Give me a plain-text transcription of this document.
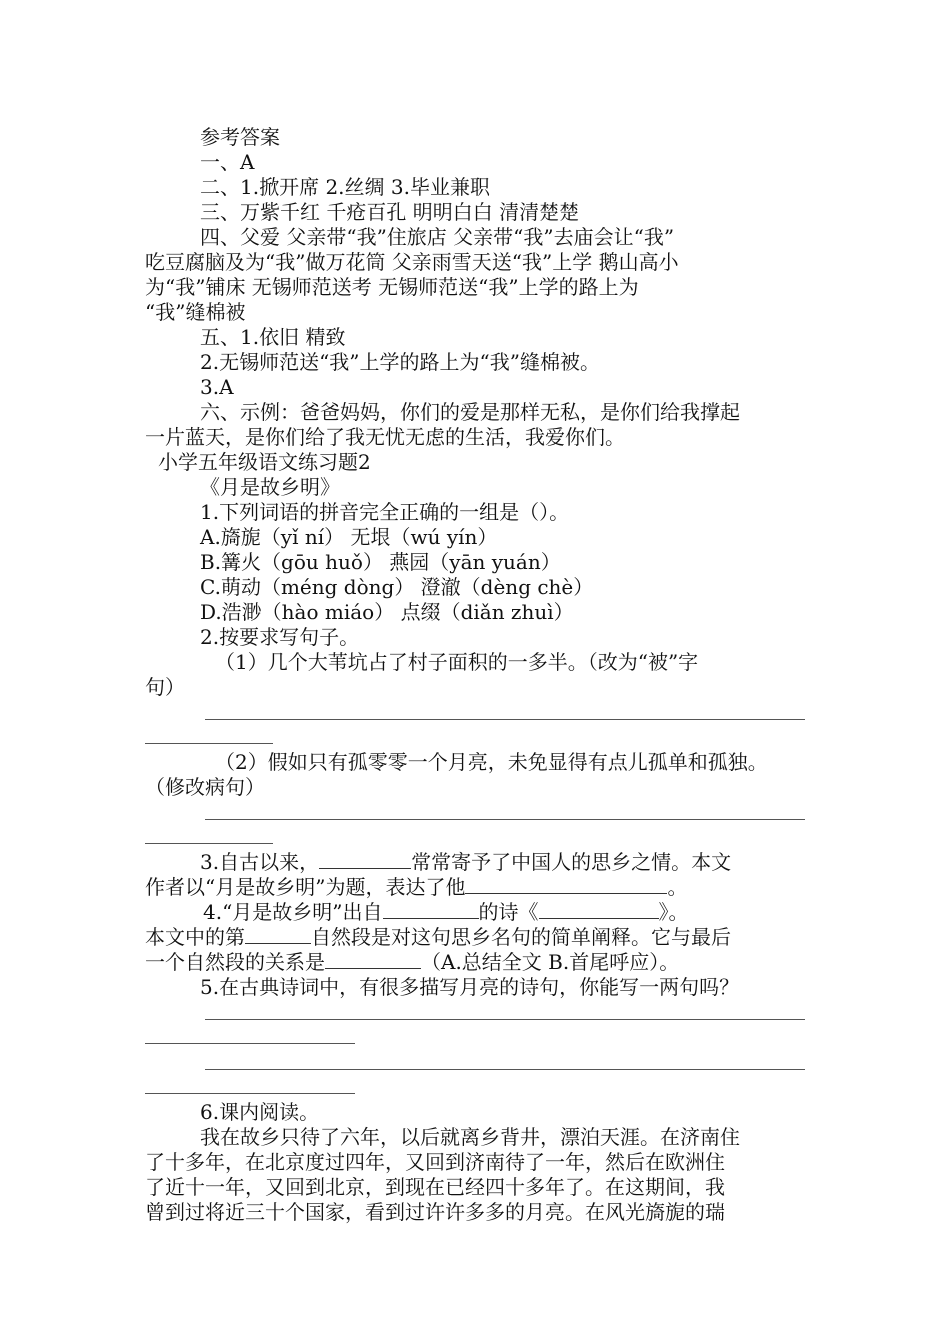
参考答案
一、A
二、1.掀开席 2.丝绸 3.毕业兼职
三、万紫千红 千疮百孔 明明白白 清清楚楚
四、父爱 父亲带“我”住旅店 父亲带“我”去庙会让“我”
吃豆腐脑及为“我”做万花筒 父亲雨雪天送“我”上学 鹅山高小
为“我”铺床 无锡师范送考 无锡师范送“我”上学的路上为
“我”缝棉被
五、1.依旧 精致
2.无锡师范送“我”上学的路上为“我”缝棉被。
3.A
六、示例：爸爸妈妈，你们的爱是那样无私，是你们给我撑起
一片蓝天，是你们给了我无忧无虑的生活，我爱你们。
小学五年级语文练习题2
《月是故乡明》
1.下列词语的拼音完全正确的一组是（）。
A.旖旎（yǐ ní） 无垠（wú yín）
B.篝火（gōu huǒ） 燕园（yān yuán）
C.萌动（méng dòng） 澄澈（dèng chè）
D.浩渺（hào miáo） 点缀（diǎn zhuì）
2.按要求写句子。
（1）几个大苇坑占了村子面积的一多半。（改为“被”字
句）
（2）假如只有孤零零一个月亮，未免显得有点儿孤单和孤独。
（修改病句）
3.自古以来，	常常寄予了中国人的思乡之情。本文
作者以“月是故乡明”为题，表达了他	。
4.“月是故乡明”出自	的诗《	》。
本文中的第	自然段是对这句思乡名句的简单阐释。它与最后
一个自然段的关系是	（A.总结全文 B.首尾呼应）。
5.在古典诗词中，有很多描写月亮的诗句，你能写一两句吗？
6.课内阅读。
我在故乡只待了六年，以后就离乡背井，漂泊天涯。在济南住
了十多年，在北京度过四年，又回到济南待了一年，然后在欧洲住
了近十一年，又回到北京，到现在已经四十多年了。在这期间，我
曾到过将近三十个国家，看到过许许多多的月亮。在风光旖旎的瑞
